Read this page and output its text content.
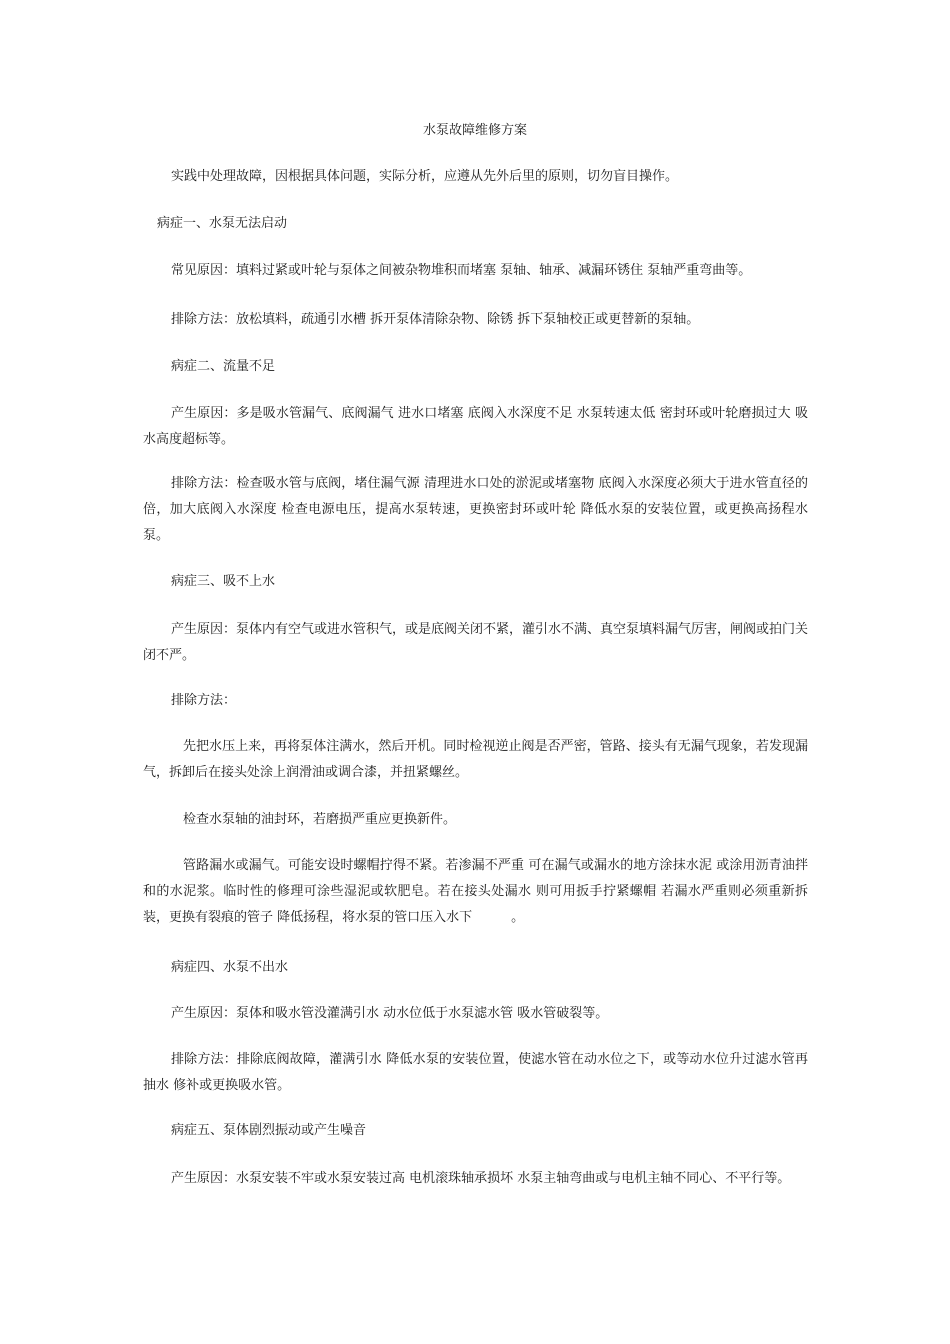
水泵故障维修方案
实践中处理故障，因根据具体问题，实际分析，应遵从先外后里的原则，切勿盲目操作。
病症一、水泵无法启动
常见原因：填料过紧或叶轮与泵体之间被杂物堆积而堵塞 泵轴、轴承、减漏环锈住 泵轴严重弯曲等。
排除方法：放松填料，疏通引水槽 拆开泵体清除杂物、除锈 拆下泵轴校正或更替新的泵轴。
病症二、流量不足
产生原因：多是吸水管漏气、底阀漏气 进水口堵塞 底阀入水深度不足 水泵转速太低 密封环或叶轮磨损过大 吸水高度超标等。
排除方法：检查吸水管与底阀，堵住漏气源 清理进水口处的淤泥或堵塞物 底阀入水深度必须大于进水管直径的　　倍，加大底阀入水深度 检查电源电压，提高水泵转速，更换密封环或叶轮 降低水泵的安装位置，或更换高扬程水泵。
病症三、吸不上水
产生原因：泵体内有空气或进水管积气，或是底阀关闭不紧，灌引水不满、真空泵填料漏气厉害，闸阀或拍门关闭不严。
排除方法：
先把水压上来，再将泵体注满水，然后开机。同时检视逆止阀是否严密，管路、接头有无漏气现象，若发现漏气，拆卸后在接头处涂上润滑油或调合漆，并扭紧螺丝。
检查水泵轴的油封环，若磨损严重应更换新件。
管路漏水或漏气。可能安设时螺帽拧得不紧。若渗漏不严重 可在漏气或漏水的地方涂抹水泥 或涂用沥青油拌和的水泥浆。临时性的修理可涂些湿泥或软肥皂。若在接头处漏水 则可用扳手拧紧螺帽 若漏水严重则必须重新拆装，更换有裂痕的管子 降低扬程，将水泵的管口压入水下　　　。
病症四、水泵不出水
产生原因：泵体和吸水管没灌满引水 动水位低于水泵滤水管 吸水管破裂等。
排除方法：排除底阀故障，灌满引水 降低水泵的安装位置，使滤水管在动水位之下，或等动水位升过滤水管再抽水 修补或更换吸水管。
病症五、泵体剧烈振动或产生噪音
产生原因：水泵安装不牢或水泵安装过高 电机滚珠轴承损坏 水泵主轴弯曲或与电机主轴不同心、不平行等。
